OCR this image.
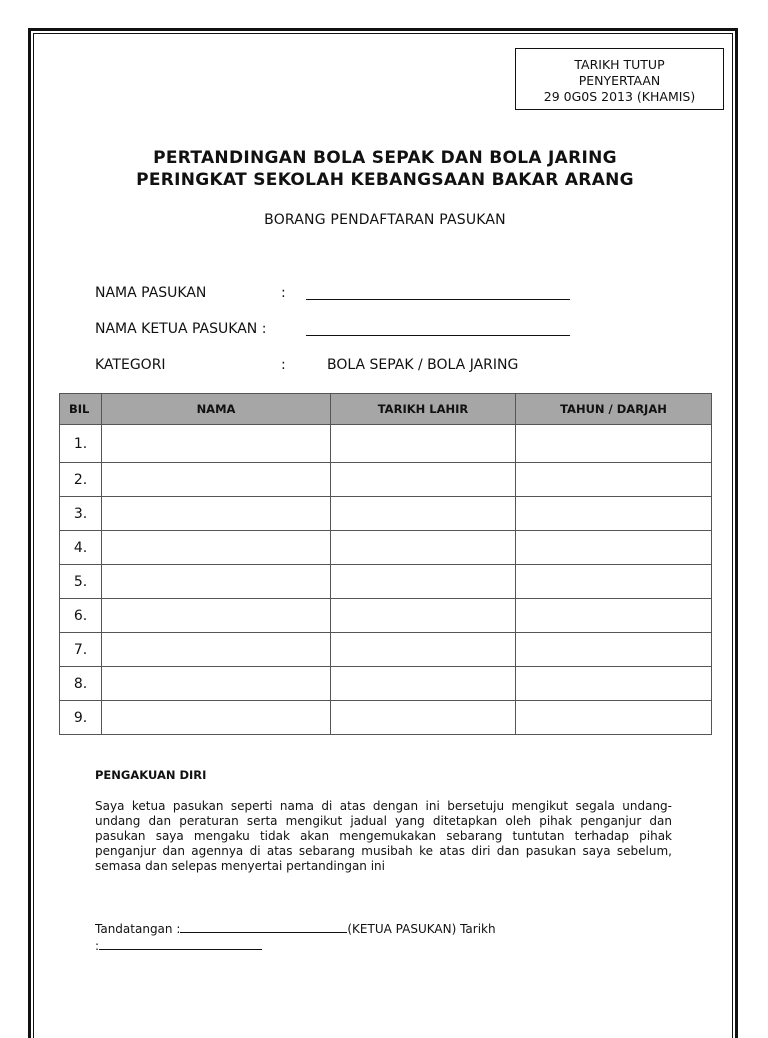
TARIKH TUTUP
PENYERTAAN
29 0G0S 2013 (KHAMIS)
PERTANDINGAN BOLA SEPAK DAN BOLA JARING
PERINGKAT SEKOLAH KEBANGSAAN BAKAR ARANG
BORANG PENDAFTARAN PASUKAN
NAMA PASUKAN	:
NAMA KETUA PASUKAN :
KATEGORI	:	BOLA SEPAK / BOLA JARING
BIL	NAMA	TARIKH LAHIR	TAHUN / DARJAH
1.			
2.			
3.			
4.			
5.			
6.			
7.			
8.			
9.			
PENGAKUAN DIRI
Saya ketua pasukan seperti nama di atas dengan ini bersetuju mengikut segala undang-undang dan peraturan serta mengikut jadual yang ditetapkan oleh pihak penganjur dan pasukan saya mengaku tidak akan mengemukakan sebarang tuntutan terhadap pihak penganjur dan agennya di atas sebarang musibah ke atas diri dan pasukan saya sebelum, semasa dan selepas menyertai pertandingan ini
Tandatangan :	(KETUA PASUKAN) Tarikh
:
